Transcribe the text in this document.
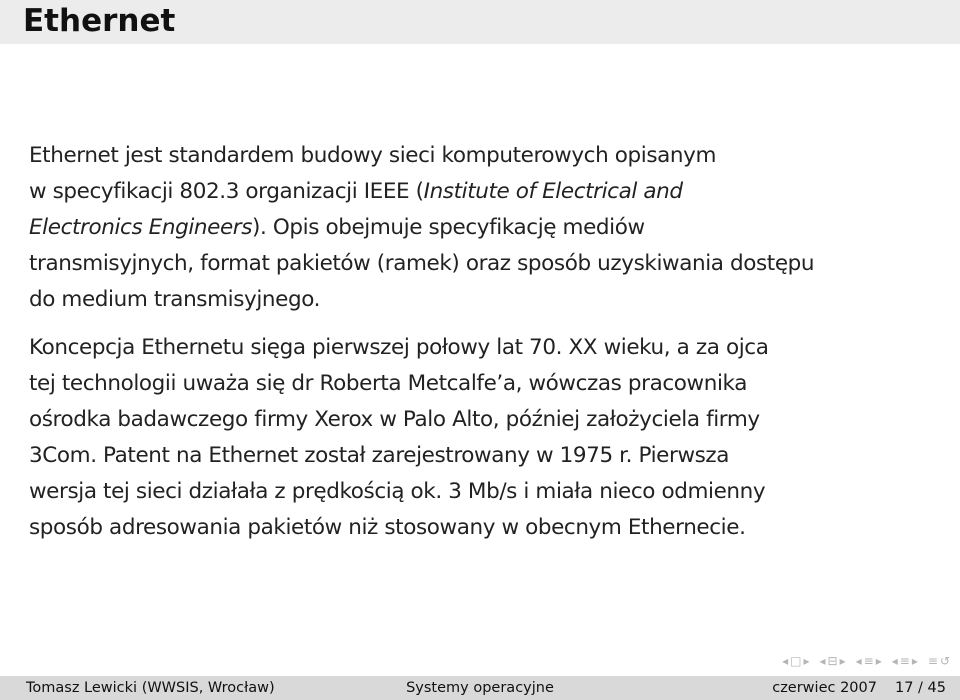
Ethernet

Ethernet jest standardem budowy sieci komputerowych opisanym
w specyfikacji 802.3 organizacji IEEE (Institute of Electrical and
Electronics Engineers). Opis obejmuje specyfikację mediów
transmisyjnych, format pakietów (ramek) oraz sposób uzyskiwania dostępu
do medium transmisyjnego.

Koncepcja Ethernetu sięga pierwszej połowy lat 70. XX wieku, a za ojca
tej technologii uważa się dr Roberta Metcalfe’a, wówczas pracownika
ośrodka badawczego firmy Xerox w Palo Alto, później założyciela firmy
3Com. Patent na Ethernet został zarejestrowany w 1975 r. Pierwsza
wersja tej sieci działała z prędkością ok. 3 Mb/s i miała nieco odmienny
sposób adresowania pakietów niż stosowany w obecnym Ethernecie.

◂ □ ▸ ◂ ⊟ ▸ ◂ ≡ ▸ ◂ ≡ ▸ ≡ ↺
Tomasz Lewicki (WWSIS, Wrocław)	Systemy operacyjne	czerwiec 2007 17 / 45
